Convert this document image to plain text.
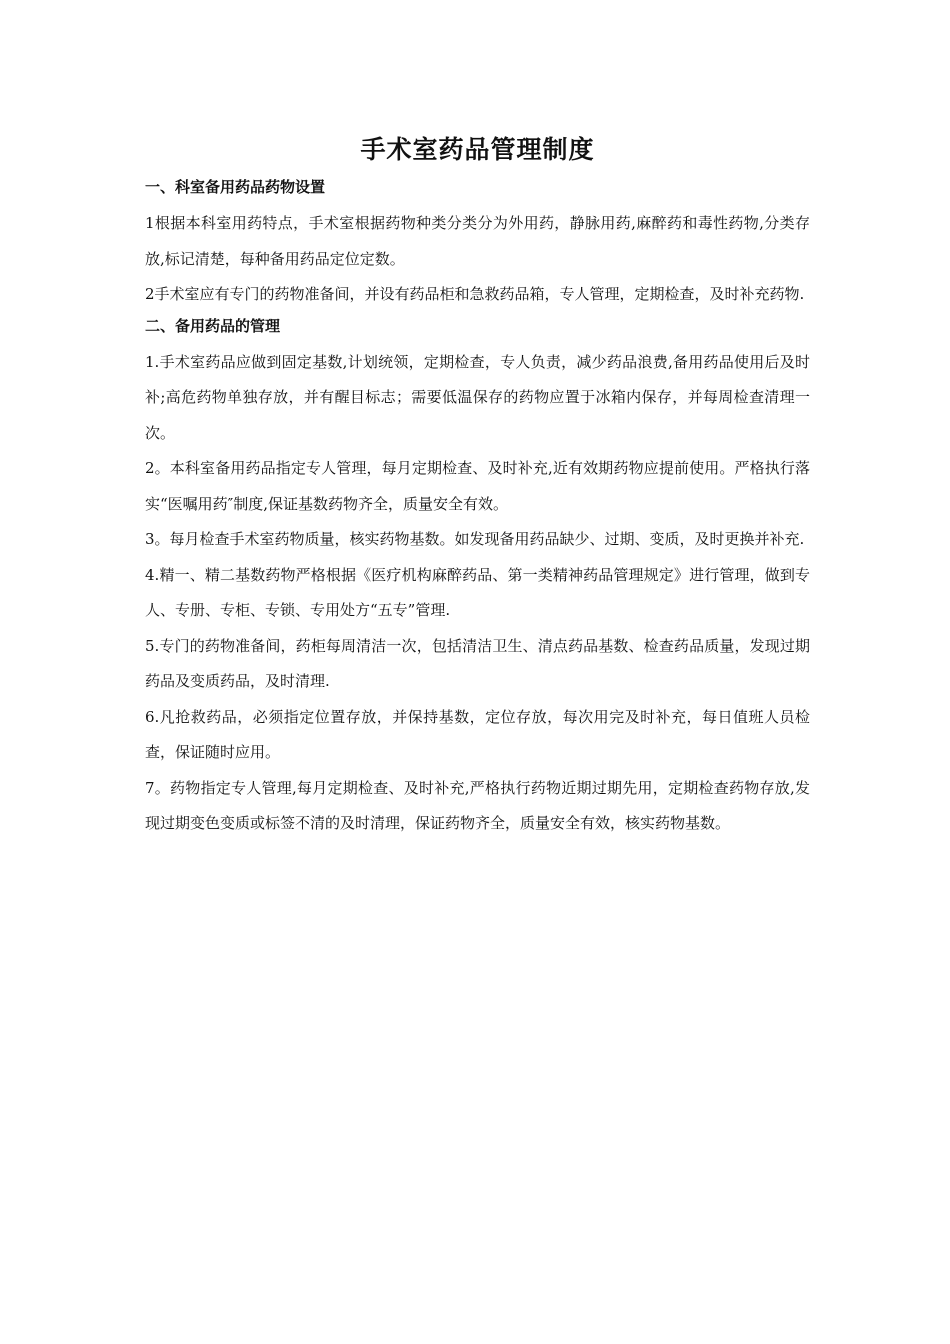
手术室药品管理制度
一、科室备用药品药物设置

1根据本科室用药特点，手术室根据药物种类分类分为外用药，静脉用药,麻醉药和毒性药物,分类存放,标记清楚，每种备用药品定位定数。

2手术室应有专门的药物准备间，并设有药品柜和急救药品箱，专人管理，定期检查，及时补充药物.

二、备用药品的管理

1.手术室药品应做到固定基数,计划统领，定期检查，专人负责，减少药品浪费,备用药品使用后及时补;高危药物单独存放，并有醒目标志；需要低温保存的药物应置于冰箱内保存，并每周检查清理一次。

2。本科室备用药品指定专人管理，每月定期检查、及时补充,近有效期药物应提前使用。严格执行落实“医嘱用药″制度,保证基数药物齐全，质量安全有效。

3。每月检查手术室药物质量，核实药物基数。如发现备用药品缺少、过期、变质，及时更换并补充.

4.精一、精二基数药物严格根据《医疗机构麻醉药品、第一类精神药品管理规定》进行管理，做到专人、专册、专柜、专锁、专用处方“五专”管理.

5.专门的药物准备间，药柜每周清洁一次，包括清洁卫生、清点药品基数、检查药品质量，发现过期药品及变质药品，及时清理.

6.凡抢救药品，必须指定位置存放，并保持基数，定位存放，每次用完及时补充，每日值班人员检查，保证随时应用。

7。药物指定专人管理,每月定期检查、及时补充,严格执行药物近期过期先用，定期检查药物存放,发现过期变色变质或标签不清的及时清理，保证药物齐全，质量安全有效，核实药物基数。
